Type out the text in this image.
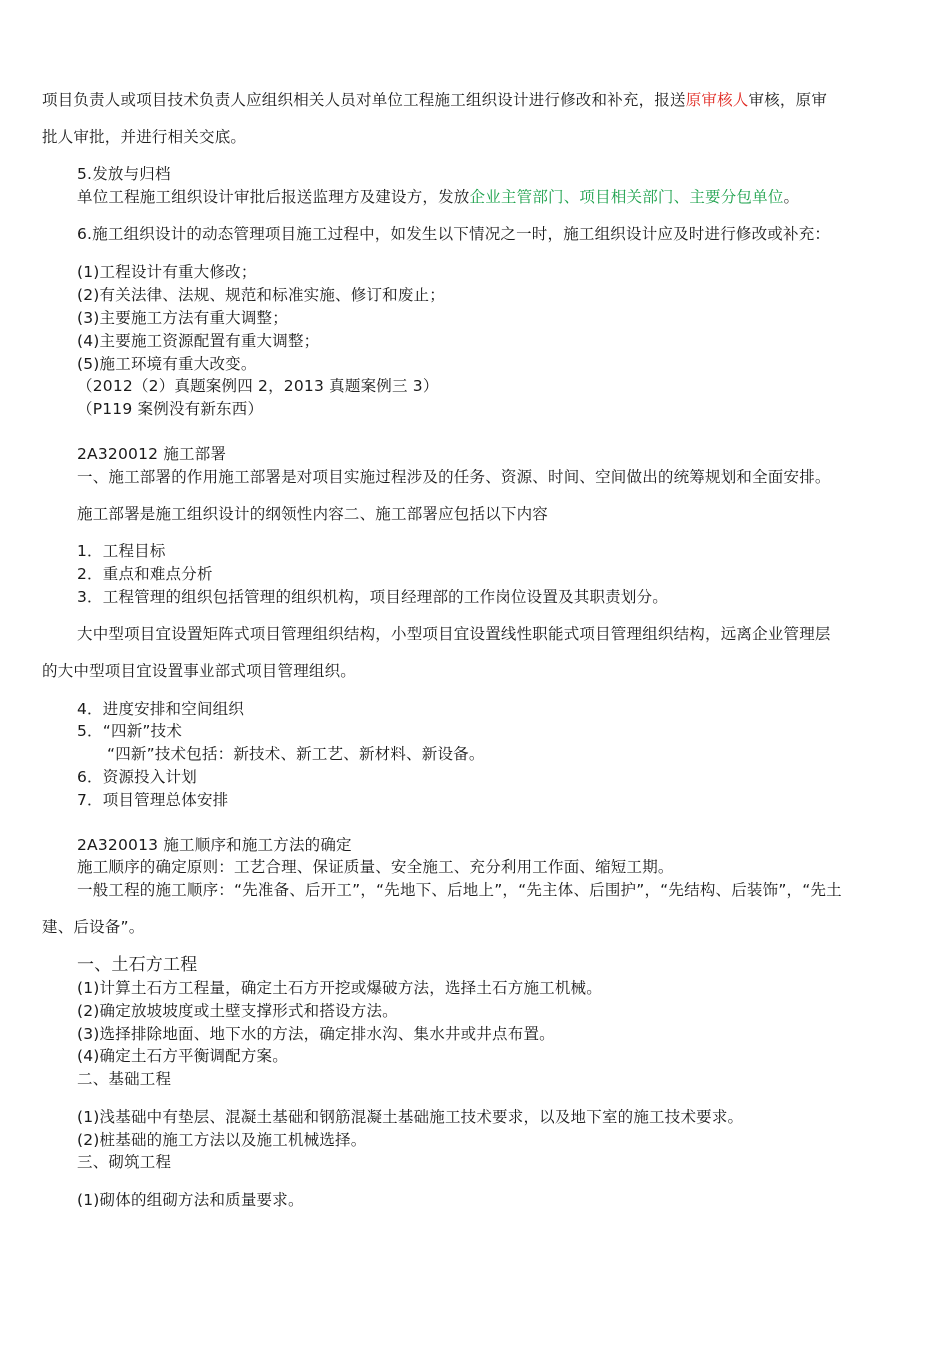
项目负责人或项目技术负责人应组织相关人员对单位工程施工组织设计进行修改和补充，报送原审核人审核，原审
批人审批，并进行相关交底。
5.发放与归档
单位工程施工组织设计审批后报送监理方及建设方，发放企业主管部门、项目相关部门、主要分包单位。
6.施工组织设计的动态管理项目施工过程中，如发生以下情况之一时，施工组织设计应及时进行修改或补充：
(1)工程设计有重大修改；
(2)有关法律、法规、规范和标准实施、修订和废止；
(3)主要施工方法有重大调整；
(4)主要施工资源配置有重大调整；
(5)施工环境有重大改变。
（2012（2）真题案例四 2，2013 真题案例三 3）
（P119 案例没有新东西）
2A320012 施工部署
一、施工部署的作用施工部署是对项目实施过程涉及的任务、资源、时间、空间做出的统筹规划和全面安排。
施工部署是施工组织设计的纲领性内容二、施工部署应包括以下内容
1．工程目标
2．重点和难点分析
3．工程管理的组织包括管理的组织机构，项目经理部的工作岗位设置及其职责划分。
大中型项目宜设置矩阵式项目管理组织结构，小型项目宜设置线性职能式项目管理组织结构，远离企业管理层
的大中型项目宜设置事业部式项目管理组织。
4．进度安排和空间组织
5．“四新”技术
“四新”技术包括：新技术、新工艺、新材料、新设备。
6．资源投入计划
7．项目管理总体安排
2A320013 施工顺序和施工方法的确定
施工顺序的确定原则：工艺合理、保证质量、安全施工、充分利用工作面、缩短工期。
一般工程的施工顺序：“先准备、后开工”，“先地下、后地上”，“先主体、后围护”，“先结构、后装饰”，“先土
建、后设备”。
一、土石方工程
(1)计算土石方工程量，确定土石方开挖或爆破方法，选择土石方施工机械。
(2)确定放坡坡度或土壁支撑形式和搭设方法。
(3)选择排除地面、地下水的方法，确定排水沟、集水井或井点布置。
(4)确定土石方平衡调配方案。
二、基础工程
(1)浅基础中有垫层、混凝土基础和钢筋混凝土基础施工技术要求，以及地下室的施工技术要求。
(2)桩基础的施工方法以及施工机械选择。
三、砌筑工程
(1)砌体的组砌方法和质量要求。
